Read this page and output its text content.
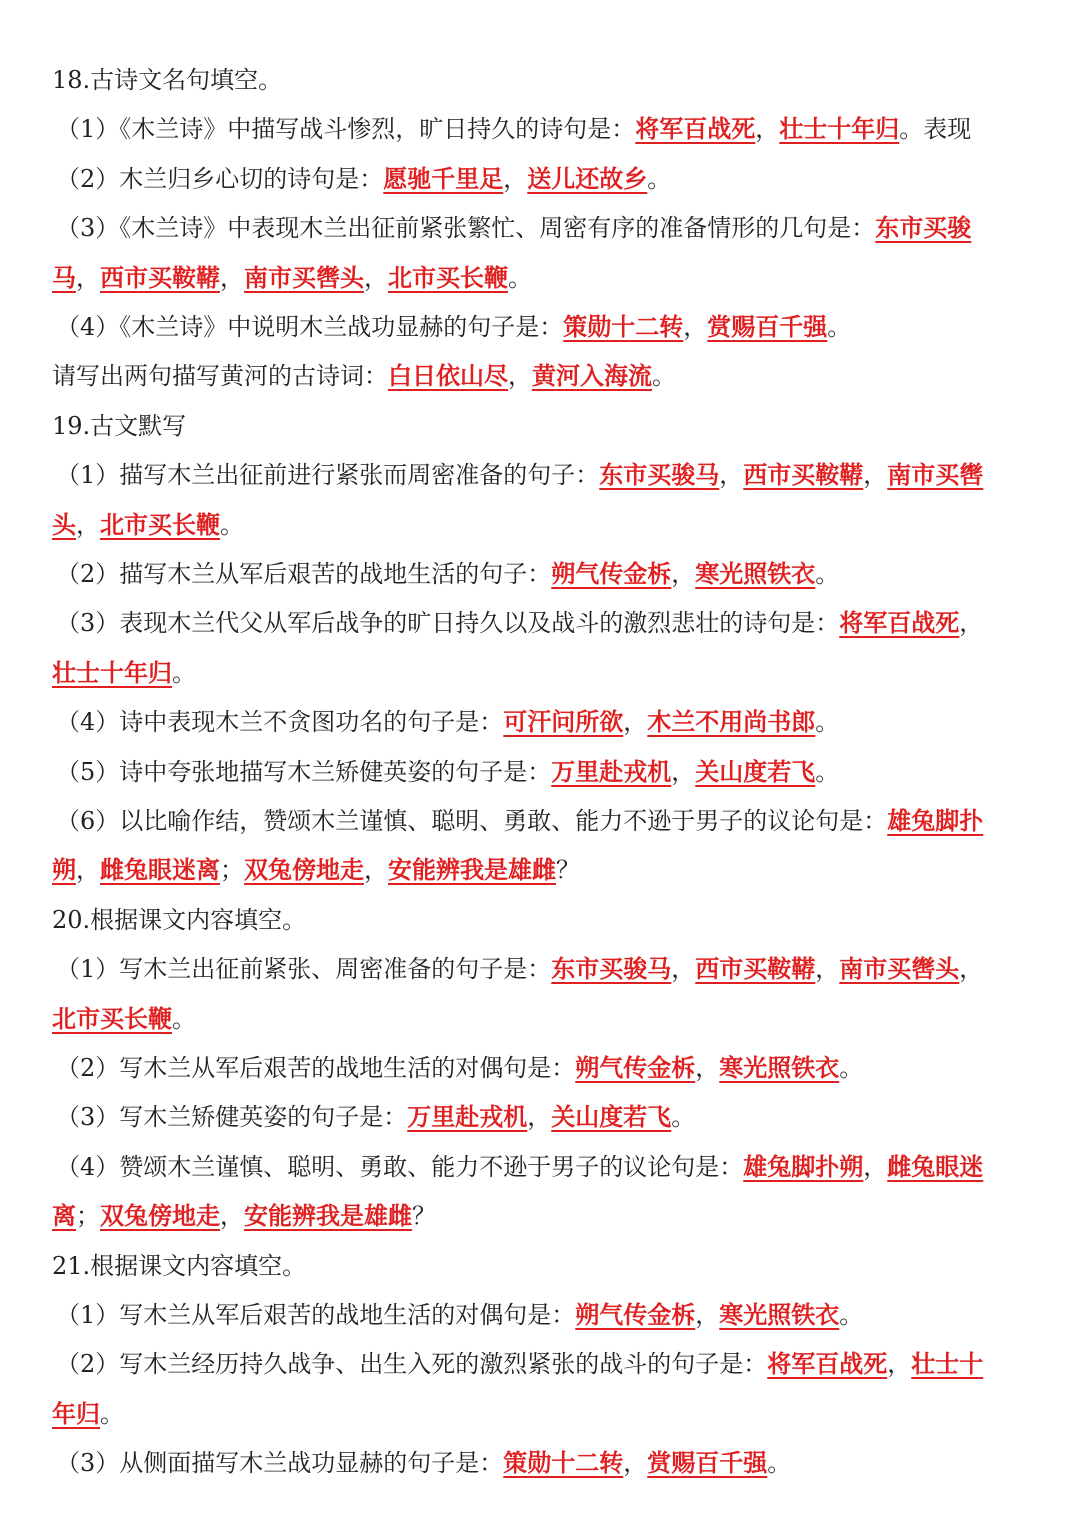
18.古诗文名句填空。
（1）《木兰诗》中描写战斗惨烈，旷日持久的诗句是：将军百战死，壮士十年归。表现
（2）木兰归乡心切的诗句是：愿驰千里足，送儿还故乡。
（3）《木兰诗》中表现木兰出征前紧张繁忙、周密有序的准备情形的几句是：东市买骏
马，西市买鞍鞯，南市买辔头，北市买长鞭。
（4）《木兰诗》中说明木兰战功显赫的句子是：策勋十二转，赏赐百千强。
请写出两句描写黄河的古诗词：白日依山尽，黄河入海流。
19.古文默写
（1）描写木兰出征前进行紧张而周密准备的句子：东市买骏马，西市买鞍鞯，南市买辔
头，北市买长鞭。
（2）描写木兰从军后艰苦的战地生活的句子：朔气传金柝，寒光照铁衣。
（3）表现木兰代父从军后战争的旷日持久以及战斗的激烈悲壮的诗句是：将军百战死，
壮士十年归。
（4）诗中表现木兰不贪图功名的句子是：可汗问所欲，木兰不用尚书郎。
（5）诗中夸张地描写木兰矫健英姿的句子是：万里赴戎机，关山度若飞。
（6）以比喻作结，赞颂木兰谨慎、聪明、勇敢、能力不逊于男子的议论句是：雄兔脚扑
朔，雌兔眼迷离；双兔傍地走，安能辨我是雄雌？
20.根据课文内容填空。
（1）写木兰出征前紧张、周密准备的句子是：东市买骏马，西市买鞍鞯，南市买辔头，
北市买长鞭。
（2）写木兰从军后艰苦的战地生活的对偶句是：朔气传金柝，寒光照铁衣。
（3）写木兰矫健英姿的句子是：万里赴戎机，关山度若飞。
（4）赞颂木兰谨慎、聪明、勇敢、能力不逊于男子的议论句是：雄兔脚扑朔，雌兔眼迷
离；双兔傍地走，安能辨我是雄雌？
21.根据课文内容填空。
（1）写木兰从军后艰苦的战地生活的对偶句是：朔气传金柝，寒光照铁衣。
（2）写木兰经历持久战争、出生入死的激烈紧张的战斗的句子是：将军百战死，壮士十
年归。
（3）从侧面描写木兰战功显赫的句子是：策勋十二转，赏赐百千强。
